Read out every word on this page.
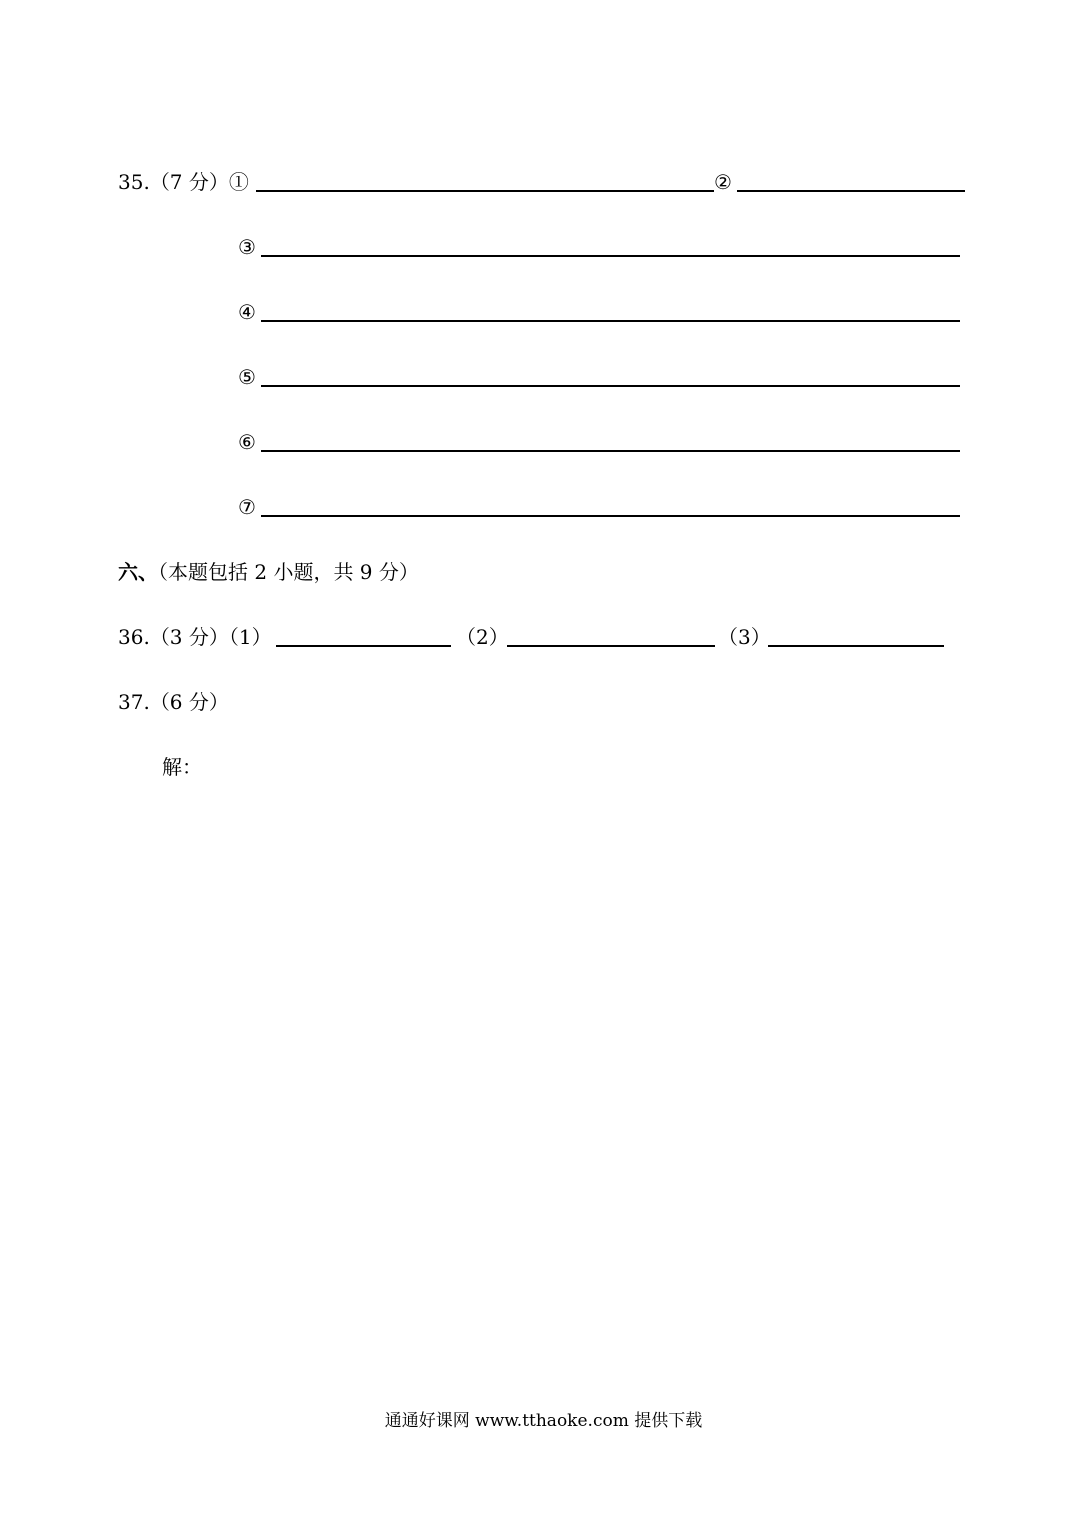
35.（7 分）①	②
③
④
⑤
⑥
⑦
六、（本题包括 2 小题，共 9 分）
36.（3 分）（1）	（2）	（3）
37.（6 分）
解：
通通好课网 www.tthaoke.com 提供下载
